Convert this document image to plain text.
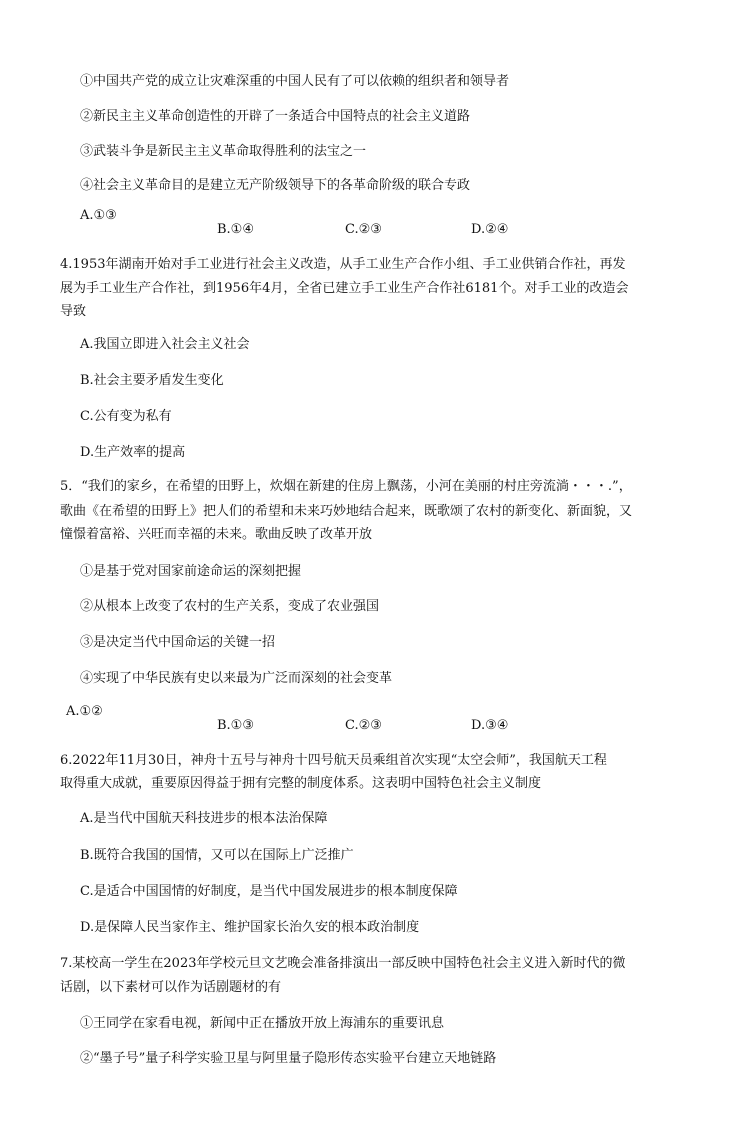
①中国共产党的成立让灾难深重的中国人民有了可以依赖的组织者和领导者
②新民主主义革命创造性的开辟了一条适合中国特点的社会主义道路
③武装斗争是新民主主义革命取得胜利的法宝之一
④社会主义革命目的是建立无产阶级领导下的各革命阶级的联合专政
A.①③
B.①④	C.②③	D.②④
4.1953年湖南开始对手工业进行社会主义改造，从手工业生产合作小组、手工业供销合作社，再发
展为手工业生产合作社，到1956年4月，全省已建立手工业生产合作社6181个。对手工业的改造会
导致
A.我国立即进入社会主义社会
B.社会主要矛盾发生变化
C.公有变为私有
D.生产效率的提高
5．“我们的家乡，在希望的田野上，炊烟在新建的住房上飘荡，小河在美丽的村庄旁流淌・・・.”，
歌曲《在希望的田野上》把人们的希望和未来巧妙地结合起来，既歌颂了农村的新变化、新面貌，又
憧憬着富裕、兴旺而幸福的未来。歌曲反映了改革开放
①是基于党对国家前途命运的深刻把握
②从根本上改变了农村的生产关系，变成了农业强国
③是决定当代中国命运的关键一招
④实现了中华民族有史以来最为广泛而深刻的社会变革
A.①②
B.①③	C.②③	D.③④
6.2022年11月30日，神舟十五号与神舟十四号航天员乘组首次实现“太空会师”，我国航天工程
取得重大成就，重要原因得益于拥有完整的制度体系。这表明中国特色社会主义制度
A.是当代中国航天科技进步的根本法治保障
B.既符合我国的国情，又可以在国际上广泛推广
C.是适合中国国情的好制度，是当代中国发展进步的根本制度保障
D.是保障人民当家作主、维护国家长治久安的根本政治制度
7.某校高一学生在2023年学校元旦文艺晚会准备排演出一部反映中国特色社会主义进入新时代的微
话剧，以下素材可以作为话剧题材的有
①王同学在家看电视，新闻中正在播放开放上海浦东的重要讯息
②“墨子号”量子科学实验卫星与阿里量子隐形传态实验平台建立天地链路
